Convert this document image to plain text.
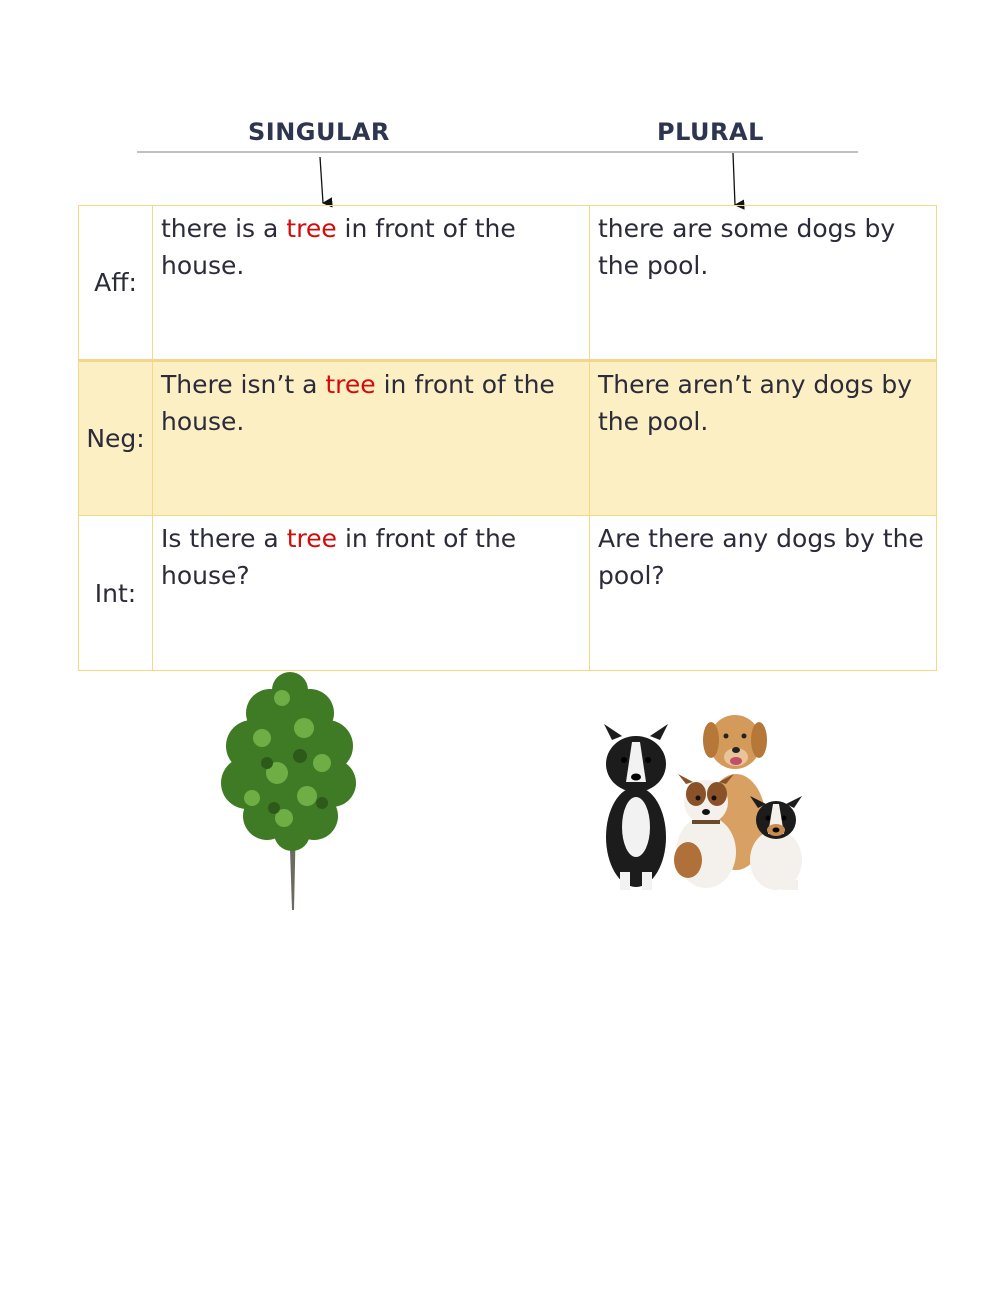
SINGULAR	PLURAL
Aff:	there is a tree in front of the house.	there are some dogs by the pool.
Neg:	There isn’t a tree in front of the house.	There aren’t any dogs by the pool.
Int:	Is there a tree in front of the house?	Are there any dogs by the pool?
